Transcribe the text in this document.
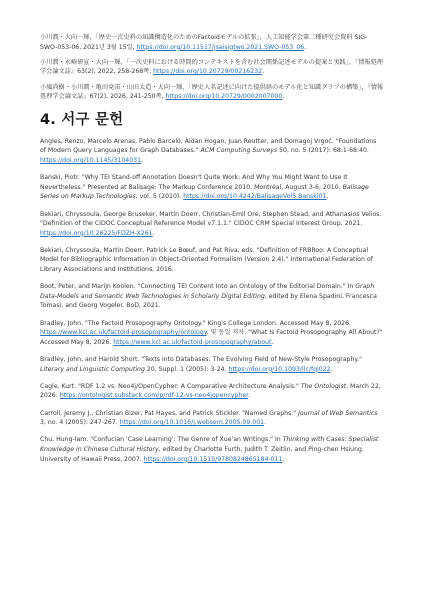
小川潤・大向一輝，「歴史一次史料の知識構造化のためのFactoidモデルの拡張」，人工知能学会第二種研究会資料 SIG-SWO-053-06, 2021년 3월 15일, https://doi.org/10.11517/jsaisigtwo.2021.SWO-053_06.

小川潤・永崎研宣・大向一輝，「一次史料における時間的コンテキストを含む社会関係記述モデルの提案と実践」，『情報処理学会論文誌』63(2), 2022, 258-268쪽, https://doi.org/10.20729/00216232.

小風尚樹・小川潤・亀田尭宙・山田太造・大向一輝，「歴史人名記述に向けた提供経のモデル化と知識グラフの構築」，『情報処理学会論文誌』67(2), 2026, 241-250쪽, https://doi.org/10.20729/0002007000.

4. 서구 문헌

Angles, Renzo, Marcelo Arenas, Pablo Barceló, Aidan Hogan, Juan Reutter, and Domagoj Vrgoč. "Foundations of Modern Query Languages for Graph Databases." ACM Computing Surveys 50, no. 5 (2017): 68:1-68:40. https://doi.org/10.1145/3104031.

Bański, Piotr. "Why TEI Stand-off Annotation Doesn't Quite Work: And Why You Might Want to Use It Nevertheless." Presented at Balisage: The Markup Conference 2010, Montréal, August 3-6, 2010. Balisage Series on Markup Technologies, vol. 5 (2010). https://doi.org/10.4242/BalisageVol5.Banski01.

Bekiari, Chryssoula, George Bruseker, Martin Doerr, Christian-Emil Ore, Stephen Stead, and Athanasios Velios. "Definition of the CIDOC Conceptual Reference Model v7.1.1." CIDOC CRM Special Interest Group, 2021. https://doi.org/10.26225/FDZH-X261.

Bekiari, Chryssoula, Martin Doerr, Patrick Le Bœuf, and Pat Riva, eds. "Definition of FRBRoo: A Conceptual Model for Bibliographic Information in Object-Oriented Formalism (Version 2.4)." International Federation of Library Associations and Institutions, 2016.

Boot, Peter, and Marijn Koolen. "Connecting TEI Content Into an Ontology of the Editorial Domain." In Graph Data-Models and Semantic Web Technologies in Scholarly Digital Editing, edited by Elena Spadini, Francesca Tomasi, and Georg Vogeler. BoD, 2021.

Bradley, John. "The Factoid Prosopography Ontology." King's College London. Accessed May 8, 2026. https://www.kcl.ac.uk/factoid-prosopography/ontology. 및 동일 저자, "What Is Factoid Prosopography All About?" Accessed May 8, 2026. https://www.kcl.ac.uk/factoid-prosopography/about.

Bradley, John, and Harold Short. "Texts into Databases: The Evolving Field of New-Style Prosopography." Literary and Linguistic Computing 20, Suppl. 1 (2005): 3-24. https://doi.org/10.1093/llc/fqi022.

Cagle, Kurt. "RDF 1.2 vs. Neo4j/OpenCypher: A Comparative Architecture Analysis." The Ontologist, March 22, 2026. https://ontologist.substack.com/p/rdf-12-vs-neo4jopencypher.

Carroll, Jeremy J., Christian Bizer, Pat Hayes, and Patrick Stickler. "Named Graphs." Journal of Web Semantics 3, no. 4 (2005): 247-267. https://doi.org/10.1016/j.websem.2005.09.001.

Chu, Hung-lam. "Confucian 'Case Learning': The Genre of Xue'an Writings." In Thinking with Cases: Specialist Knowledge in Chinese Cultural History, edited by Charlotte Furth, Judith T. Zeitlin, and Ping-chen Hsiung. University of Hawaii Press, 2007. https://doi.org/10.1515/9780824865184-011.
